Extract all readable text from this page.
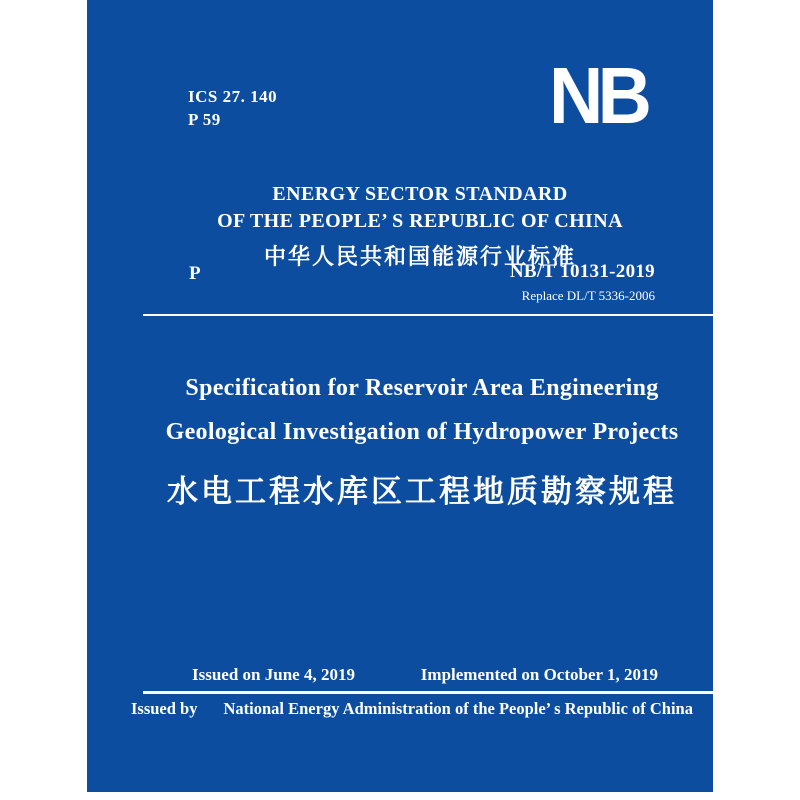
ICS 27. 140
P 59	NB
ENERGY SECTOR STANDARD
OF THE PEOPLE’ S REPUBLIC OF CHINA
中华人民共和国能源行业标准
P	NB/T 10131-2019
Replace DL/T 5336-2006
Specification for Reservoir Area Engineering
Geological Investigation of Hydropower Projects
水电工程水库区工程地质勘察规程
Issued on June 4, 2019	Implemented on October 1, 2019
Issued by National Energy Administration of the People’ s Republic of China
